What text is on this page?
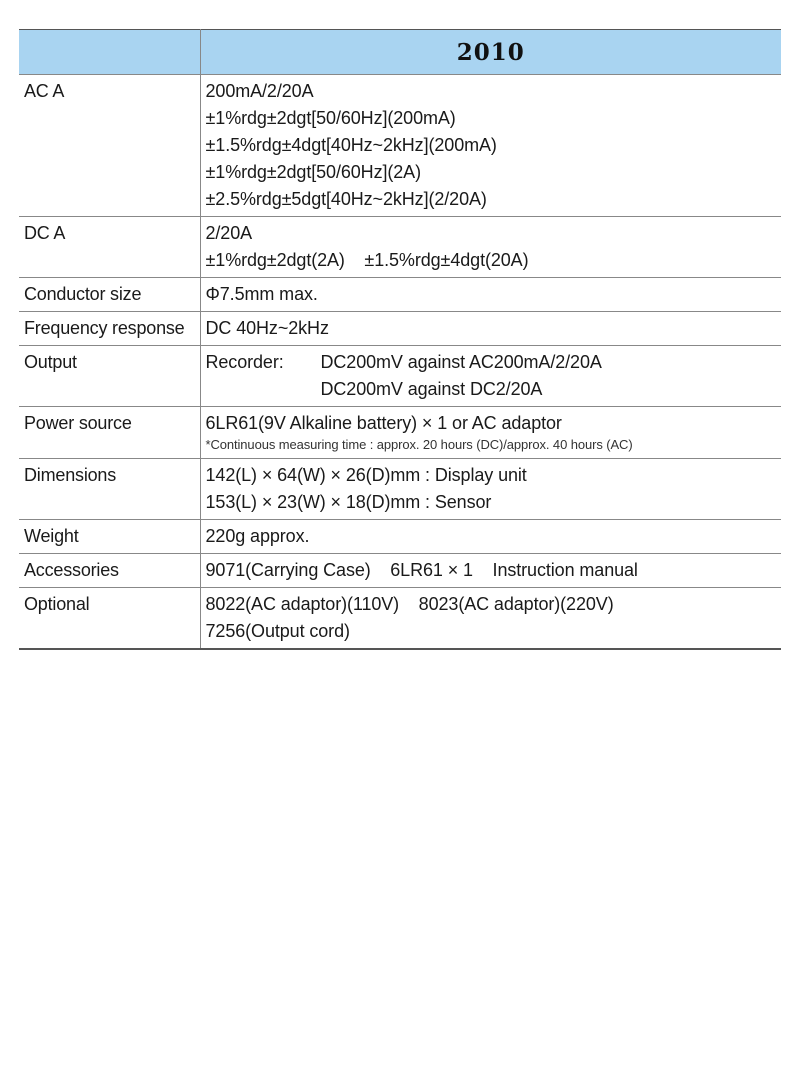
	2010
AC A	200mA/2/20A
±1%rdg±2dgt[50/60Hz](200mA)
±1.5%rdg±4dgt[40Hz~2kHz](200mA)
±1%rdg±2dgt[50/60Hz](2A)
±2.5%rdg±5dgt[40Hz~2kHz](2/20A)

DC A	2/20A
±1%rdg±2dgt(2A)    ±1.5%rdg±4dgt(20A)

Conductor size	Φ7.5mm max.

Frequency response	DC 40Hz~2kHz

Output	Recorder: DC200mV against AC200mA/2/20A
DC200mV against DC2/20A

Power source	6LR61(9V Alkaline battery) × 1 or AC adaptor
*Continuous measuring time : approx. 20 hours (DC)/approx. 40 hours (AC)

Dimensions	142(L) × 64(W) × 26(D)mm : Display unit
153(L) × 23(W) × 18(D)mm : Sensor

Weight	220g approx.

Accessories	9071(Carrying Case)    6LR61 × 1    Instruction manual

Optional	8022(AC adaptor)(110V)    8023(AC adaptor)(220V)
7256(Output cord)
